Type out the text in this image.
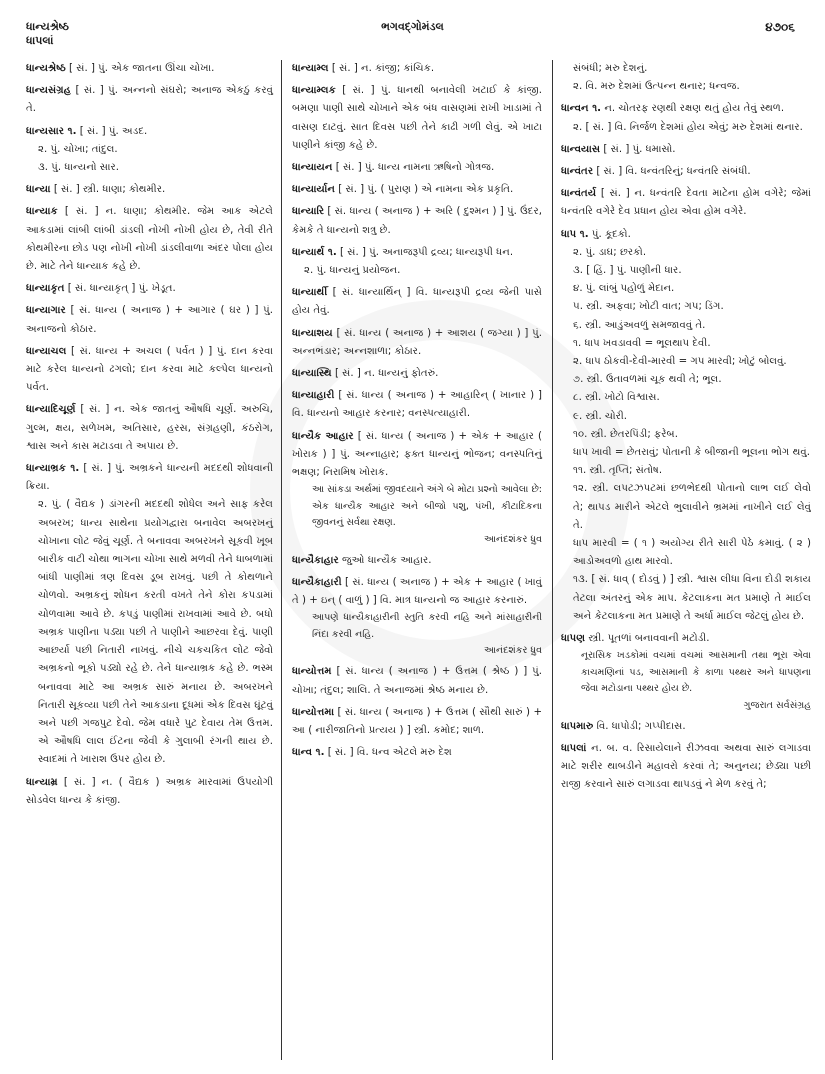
ધાન્યશ્રેષ્ઠ
ધાપલાં
ભગવદ્ગોમંડલ	૪૭૦૬
ધાન્યશ્રેષ્ઠ [ સં. ] પું. એક જાતના ઊંચા ચોખા.
ધાન્યસંગ્રહ [ સં. ] પું. અન્નનો સંઘરો; અનાજ એકઠું કરવું તે.
ધાન્યસાર ૧. [ સં. ] પું. અડદ.
૨. પું. ચોખા; તાંદુલ.
૩. પું. ધાન્યનો સાર.
ધાન્યા [ સં. ] સ્ત્રી. ધાણા; કોથમીર.
ધાન્યાક [ સં. ] ન. ધાણા; કોથમીર. જેમ આક એટલે આકડામાં લાંબી લાંબી ડાંડલી નોખી નોખી હોય છે, તેવી રીતે કોથમીરના છોડ પણ નોખી નોખી ડાંડલીવાળા અંદર પોલા હોય છે. માટે તેને ધાન્યાક કહે છે.
ધાન્યાકૃત [ સં. ધાન્યાકૃત્ ] પું. ખેડૂત.
ધાન્યાગાર [ સં. ધાન્ય ( અનાજ ) + આગાર ( ઘર ) ] પું. અનાજનો કોઠાર.
ધાન્યાચલ [ સં. ધાન્ય + અચલ ( પર્વત ) ] પું. દાન કરવા માટે કરેલ ધાન્યનો ઢગલો; દાન કરવા માટે કલ્પેલ ધાન્યનો પર્વત.
ધાન્યાદિચૂર્ણ [ સં. ] ન. એક જાતનું ઔષધિ ચૂર્ણ. અરુચિ, ગુલ્મ, ક્ષય, સળેખમ, અતિસાર, હરસ, સંગ્રહણી, કંઠરોગ, શ્વાસ અને કાસ મટાડવા તે અપાય છે.
ધાન્યાભ્રક ૧. [ સં. ] પું. અભ્રકને ધાન્યની મદદથી શોધવાની ક્રિયા.
૨. પું. ( વૈદ્યક ) ડાંગરની મદદથી શોધેલ અને સાફ કરેલ અબરખ; ધાન્ય સાથેના પ્રયોગદ્વારા બનાવેલ અબરખનું ચોખાના લોટ જેવું ચૂર્ણ. તે બનાવવા અબરખને સૂકવી ખૂબ બારીક વાટી ચોથા ભાગના ચોખા સાથે મળવી તેને ધાબળામાં બાંધી પાણીમાં ત્રણ દિવસ ડૂબ રાખવું. પછી તે કોથળાને ચોળવો. અભ્રકનું શોધન કરતી વખતે તેને કોરા કપડામાં ચોળવામા આવે છે. કપડું પાણીમાં રાખવામાં આવે છે. બધો અભ્રક પાણીના પડ્યા પછી તે પાણીને આછરવા દેવું. પાણી આછર્યા પછી નિતારી નાખવું. નીચે ચકચકિત લોટ જેવો અભ્રકનો ભૂકો પડ્યો રહે છે. તેને ધાન્યાભ્રક કહે છે. ભસ્મ બનાવવા માટે આ અભ્રક સારું મનાય છે. અબરખને નિતારી સૂકવ્યા પછી તેને આકડાના દૂધમાં એક દિવસ ઘૂંટવું અને પછી ગજપુટ દેવો. જેમ વધારે પુટ દેવાય તેમ ઉત્તમ. એ ઔષધિ લાલ ઈંટના જેવી કે ગુલાબી રંગની થાય છે. સ્વાદમાં તે ખારાશ ઉપર હોય છે.
ધાન્યામ્ર [ સં. ] ન. ( વૈદ્યક ) અભ્રક મારવામાં ઉપયોગી સોડવેલ ધાન્ય કે કાંજી.
ધાન્યામ્લ [ સં. ] ન. કાંજી; કાંચિક.
ધાન્યામ્લક [ સં. ] પું. ધાનથી બનાવેલી ખટાઈ કે કાંજી. બમણા પાણી સાથે ચોખાને એક બંધ વાસણમાં રાખી ખાડામાં તે વાસણ દાટવું. સાત દિવસ પછી તેને કાઢી ગળી લેવું. એ ખાટા પાણીને કાંજી કહે છે.
ધાન્યાયન [ સં. ] પું. ધાન્ય નામના ઋષિનો ગોત્રજ.
ધાન્યાર્યાન [ સં. ] પું. ( પુરાણ ) એ નામના એક પ્રકૃતિ.
ધાન્યારિ [ સં. ધાન્ય ( અનાજ ) + અરિ ( દુશ્મન ) ] પું. ઉંદર, કેમકે તે ધાન્યનો શત્રુ છે.
ધાન્યાર્થ ૧. [ સં. ] પું. અનાજરૂપી દ્રવ્ય; ધાન્યરૂપી ધન.
૨. પું. ધાન્યનું પ્રયોજન.
ધાન્યાર્થી [ સં. ધાન્યાર્થિન્ ] વિ. ધાન્યરૂપી દ્રવ્ય જેની પાસે હોય તેવું.
ધાન્યાશય [ સં. ધાન્ય ( અનાજ ) + આશય ( જગ્યા ) ] પું. અન્નભંડાર; અન્નશાળા; કોઠાર.
ધાન્યાસ્થિ [ સં. ] ન. ધાન્યનું ફોતરું.
ધાન્યાહારી [ સં. ધાન્ય ( અનાજ ) + આહારિન્ ( ખાનાર ) ] વિ. ધાન્યનો આહાર કરનાર; વનસ્પત્યાહારી.
ધાન્યૈક આહાર [ સં. ધાન્ય ( અનાજ ) + એક + આહાર ( ખોરાક ) ] પું. અન્નાહાર; ફક્ત ધાન્યનું ભોજન; વનસ્પતિનું ભક્ષણ; નિરામિષ ખોરાક.
આ સાંકડા અર્થમાં જીવદયાને અંગે બે મોટા પ્રશ્નો આવેલા છે: એક ધાન્યૈક આહાર અને બીજો પશુ, પંખી, કીટાદિકના જીવનનું સર્વથા રક્ષણ.
આનંદશંકર ધ્રુવ
ધાન્યૈકાહાર જુઓ ધાન્યૈક આહાર.
ધાન્યૈકાહારી [ સં. ધાન્ય ( અનાજ ) + એક + આહાર ( ખાવું તે ) + ઇન્ ( વાળું ) ] વિ. માત્ર ધાન્યનો જ આહાર કરનારું.
આપણે ધાન્યૈકાહારીની સ્તુતિ કરવી નહિ અને માંસાહારીની નિંદા કરવી નહિ.
આનંદશંકર ધ્રુવ
ધાન્યોત્તમ [ સં. ધાન્ય ( અનાજ ) + ઉત્તમ ( શ્રેષ્ઠ ) ] પું. ચોખા; તંદુલ; શાલિ. તે અનાજમાં શ્રેષ્ઠ મનાય છે.
ધાન્યોત્તમા [ સં. ધાન્ય ( અનાજ ) + ઉત્તમ ( સૌથી સારું ) + આ ( નારીજાતિનો પ્રત્યય ) ] સ્ત્રી. કમોદ; શાળ.
ધાન્વ ૧. [ સં. ] વિ. ધન્વ એટલે મરુ દેશ
સંબંધી; મરુ દેશનું.
૨. વિ. મરુ દેશમાં ઉત્પન્ન થનાર; ધન્વજ.
ધાન્વન ૧. ન. ચોતરફ રણથી રક્ષણ થતું હોય તેવું સ્થળ.
૨. [ સં. ] વિ. નિર્જળ દેશમાં હોય એવું; મરુ દેશમાં થનાર.
ધાન્વયાસ [ સં. ] પું. ધમાસો.
ધાન્વંતર [ સં. ] વિ. ધન્વંતરિનું; ધન્વંતરિ સંબંધી.
ધાન્વંતર્ય [ સં. ] ન. ધન્વંતરિ દેવતા માટેના હોમ વગેરે; જેમાં ધન્વંતરિ વગેરે દેવ પ્રધાન હોય એવા હોમ વગેરે.
ધાપ ૧. પું. કૂદકો.
૨. પું. ડાઘ; છરકો.
૩. [ હિં. ] પું. પાણીની ધાર.
૪. પું. લાંબું પહોળું મેદાન.
૫. સ્ત્રી. અફવા; ખોટી વાત; ગપ; ડિંગ.
૬. સ્ત્રી. આડુંઅવળું સમજાવવું તે.
૧. ધાપ ખવડાવવી = ભૂલથાપ દેવી.
૨. ધાપ ઠોકવી-દેવી-મારવી = ગપ મારવી; ખોટું બોલવું.
૭. સ્ત્રી. ઉતાવળમાં ચૂક થવી તે; ભૂલ.
૮. સ્ત્રી. ખોટો વિશ્વાસ.
૯. સ્ત્રી. ચોરી.
૧૦. સ્ત્રી. છેતરપિંડી; ફરેબ.
ધાપ ખાવી = છેતરાવું; પોતાની કે બીજાની ભૂલના ભોગ થવું.
૧૧. સ્ત્રી. તૃપ્તિ; સંતોષ.
૧૨. સ્ત્રી. લપટઝપટમાં છળભેદથી પોતાનો લાભ લઈ લેવો તે; થાપડ મારીને એટલે ભુલાવીને ભ્રમમાં નાખીને લઈ લેવું તે.
ધાપ મારવી = ( ૧ ) અયોગ્ય રીતે સારી પેઠે કમાવું. ( ૨ ) આડોઅવળો હાથ મારવો.
૧૩. [ સં. ધાવ્ ( દોડવું ) ] સ્ત્રી. શ્વાસ લીધા વિના દોડી શકાય તેટલા અંતરનું એક માપ. કેટલાકના મત પ્રમાણે તે માઈલ અને કેટલાકના મત પ્રમાણે તે અર્ધા માઈલ જેટલું હોય છે.
ધાપણ સ્ત્રી. પૂતળાં બનાવવાની મટોડી.
નૂરાસિક ખડકોમાં વચમાં વચમાં આસમાની તથા ભૂરા એવા કાચમણિનાં પડ, આસમાની કે કાળા પથ્થર અને ધાપણના જેવા મટોડાના પથ્થર હોય છે.
ગુજરાત સર્વસંગ્રહ
ધાપમારુ વિ. ધાપોડી; ગપ્પીદાસ.
ધાપલાં ન. બ. વ. રિસાયેલાને રીઝવવા અથવા સારું લગાડવા માટે શરીર થાબડીને મહાવરો કરવાં તે; અનુનય; છેડ્યા પછી રાજી કરવાને સારું લગાડવા થાપડવું ને મેળ કરવું તે;
